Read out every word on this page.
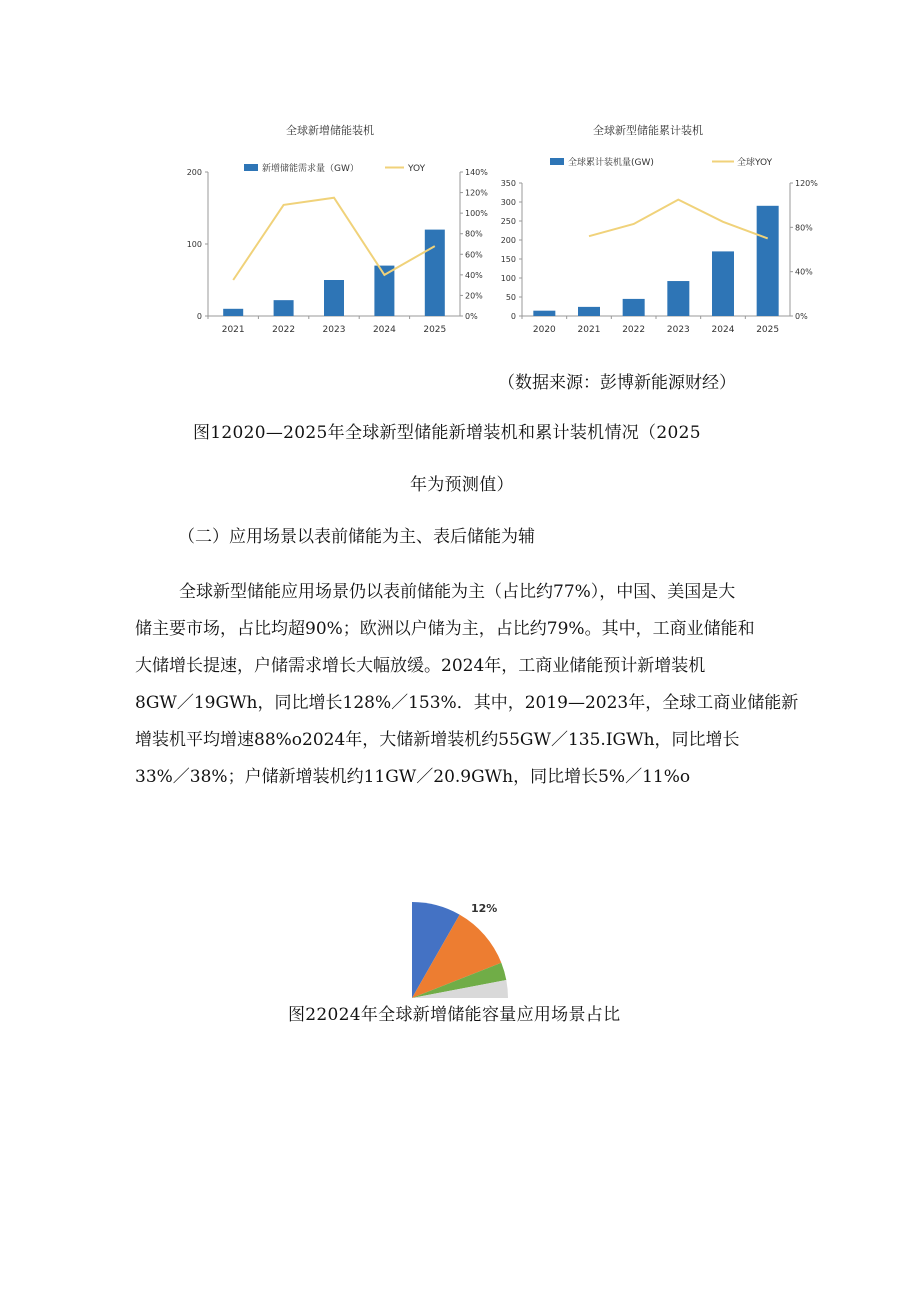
全球新增储能装机
新增储能需求量（GW）	YOY
200
100
0
140%
120%
100%
80%
60%
40%
20%
0%
2021	2022	2023	2024	2025
全球新型储能累计装机
全球累计装机量(GW)	全球YOY
350
300
250
200
150
100
50
0
120%
80%
40%
0%
2020 2021 2022 2023 2024 2025
（数据来源：彭博新能源财经）
图12020—2025年全球新型储能新增装机和累计装机情况（2025
年为预测值）
（二）应用场景以表前储能为主、表后储能为辅
全球新型储能应用场景仍以表前储能为主（占比约77%），中国、美国是大
储主要市场，占比均超90%；欧洲以户储为主，占比约79%。其中，工商业储能和
大储增长提速，户储需求增长大幅放缓。2024年，工商业储能预计新增装机
8GW／19GWh，同比增长128%／153%．其中，2019—2023年，全球工商业储能新
增装机平均增速88%o2024年，大储新增装机约55GW／135.IGWh，同比增长
33%／38%；户储新增装机约11GW／20.9GWh，同比增长5%／11%o
12%
图22024年全球新增储能容量应用场景占比
